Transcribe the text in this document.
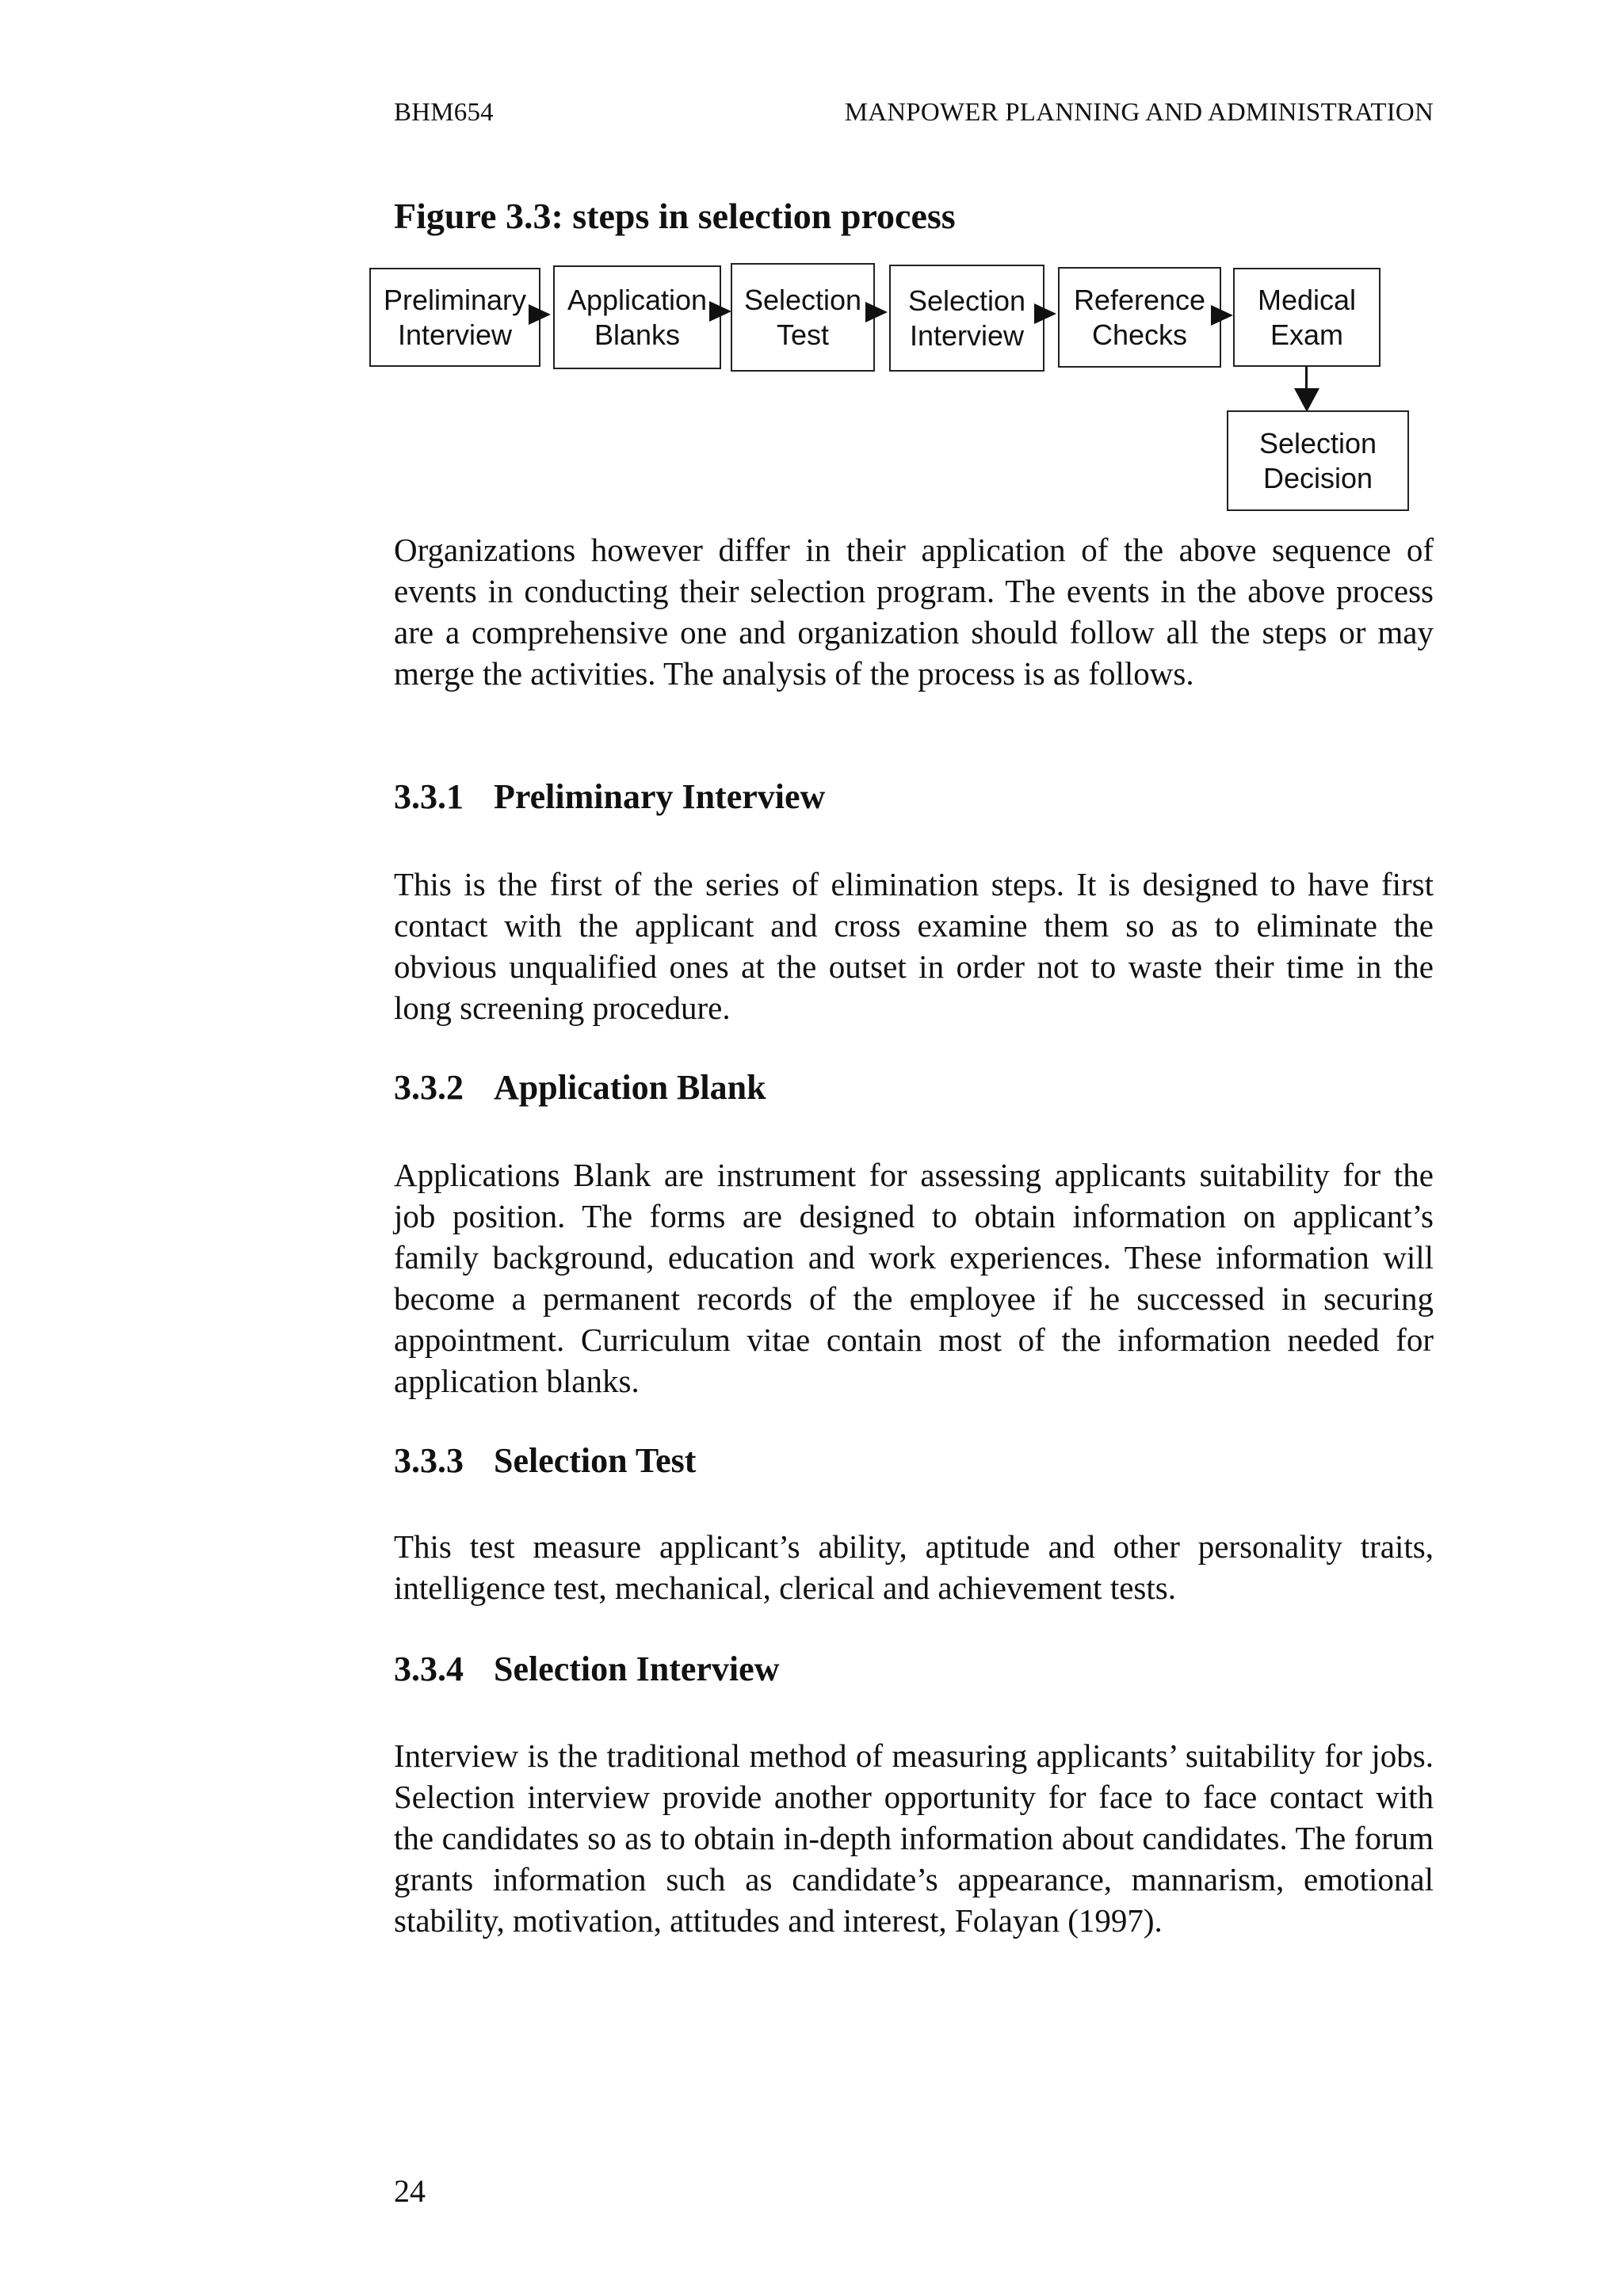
BHM654	MANPOWER PLANNING AND ADMINISTRATION
Figure 3.3: steps in selection process
Preliminary
Interview
Application
Blanks
Selection
Test
Selection
Interview
Reference
Checks
Medical
Exam
Selection
Decision

Organizations however differ in their application of the above sequence of events in conducting their selection program. The events in the above process are a comprehensive one and organization should follow all the steps or may merge the activities. The analysis of the process is as follows.

3.3.1 Preliminary Interview

This is the first of the series of elimination steps. It is designed to have first contact with the applicant and cross examine them so as to eliminate the obvious unqualified ones at the outset in order not to waste their time in the long screening procedure.

3.3.2 Application Blank

Applications Blank are instrument for assessing applicants suitability for the job position. The forms are designed to obtain information on applicant’s family background, education and work experiences. These information will become a permanent records of the employee if he successed in securing appointment. Curriculum vitae contain most of the information needed for application blanks.

3.3.3 Selection Test

This test measure applicant’s ability, aptitude and other personality traits, intelligence test, mechanical, clerical and achievement tests.

3.3.4 Selection Interview

Interview is the traditional method of measuring applicants’ suitability for jobs. Selection interview provide another opportunity for face to face contact with the candidates so as to obtain in-depth information about candidates. The forum grants information such as candidate’s appearance, mannarism, emotional stability, motivation, attitudes and interest, Folayan (1997).

24
